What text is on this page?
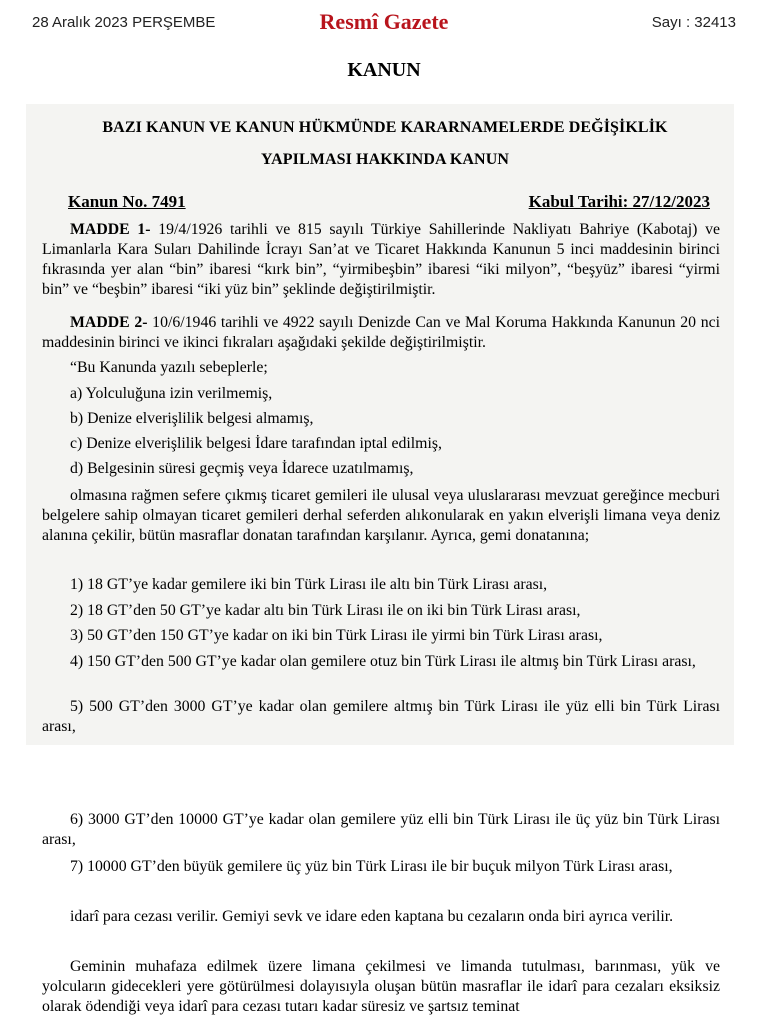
28 Aralık 2023 PERŞEMBE	Resmî Gazete	Sayı : 32413
KANUN
BAZI KANUN VE KANUN HÜKMÜNDE KARARNAMELERDE DEĞİŞİKLİK
YAPILMASI HAKKINDA KANUN
Kanun No. 7491	Kabul Tarihi: 27/12/2023

MADDE 1- 19/4/1926 tarihli ve 815 sayılı Türkiye Sahillerinde Nakliyatı Bahriye (Kabotaj) ve Limanlarla Kara Suları Dahilinde İcrayı San’at ve Ticaret Hakkında Kanunun 5 inci maddesinin birinci fıkrasında yer alan “bin” ibaresi “kırk bin”, “yirmibeşbin” ibaresi “iki milyon”, “beşyüz” ibaresi “yirmi bin” ve “beşbin” ibaresi “iki yüz bin” şeklinde değiştirilmiştir.

MADDE 2- 10/6/1946 tarihli ve 4922 sayılı Denizde Can ve Mal Koruma Hakkında Kanunun 20 nci maddesinin birinci ve ikinci fıkraları aşağıdaki şekilde değiştirilmiştir.

“Bu Kanunda yazılı sebeplerle;

a) Yolculuğuna izin verilmemiş,

b) Denize elverişlilik belgesi almamış,

c) Denize elverişlilik belgesi İdare tarafından iptal edilmiş,

d) Belgesinin süresi geçmiş veya İdarece uzatılmamış,

olmasına rağmen sefere çıkmış ticaret gemileri ile ulusal veya uluslararası mevzuat gereğince mecburi belgelere sahip olmayan ticaret gemileri derhal seferden alıkonularak en yakın elverişli limana veya deniz alanına çekilir, bütün masraflar donatan tarafından karşılanır. Ayrıca, gemi donatanına;

1) 18 GT’ye kadar gemilere iki bin Türk Lirası ile altı bin Türk Lirası arası,

2) 18 GT’den 50 GT’ye kadar altı bin Türk Lirası ile on iki bin Türk Lirası arası,

3) 50 GT’den 150 GT’ye kadar on iki bin Türk Lirası ile yirmi bin Türk Lirası arası,

4) 150 GT’den 500 GT’ye kadar olan gemilere otuz bin Türk Lirası ile altmış bin Türk Lirası arası,

5) 500 GT’den 3000 GT’ye kadar olan gemilere altmış bin Türk Lirası ile yüz elli bin Türk Lirası arası,

6) 3000 GT’den 10000 GT’ye kadar olan gemilere yüz elli bin Türk Lirası ile üç yüz bin Türk Lirası arası,

7) 10000 GT’den büyük gemilere üç yüz bin Türk Lirası ile bir buçuk milyon Türk Lirası arası,

idarî para cezası verilir. Gemiyi sevk ve idare eden kaptana bu cezaların onda biri ayrıca verilir.

Geminin muhafaza edilmek üzere limana çekilmesi ve limanda tutulması, barınması, yük ve yolcuların gidecekleri yere götürülmesi dolayısıyla oluşan bütün masraflar ile idarî para cezaları eksiksiz olarak ödendiği veya idarî para cezası tutarı kadar süresiz ve şartsız teminat
